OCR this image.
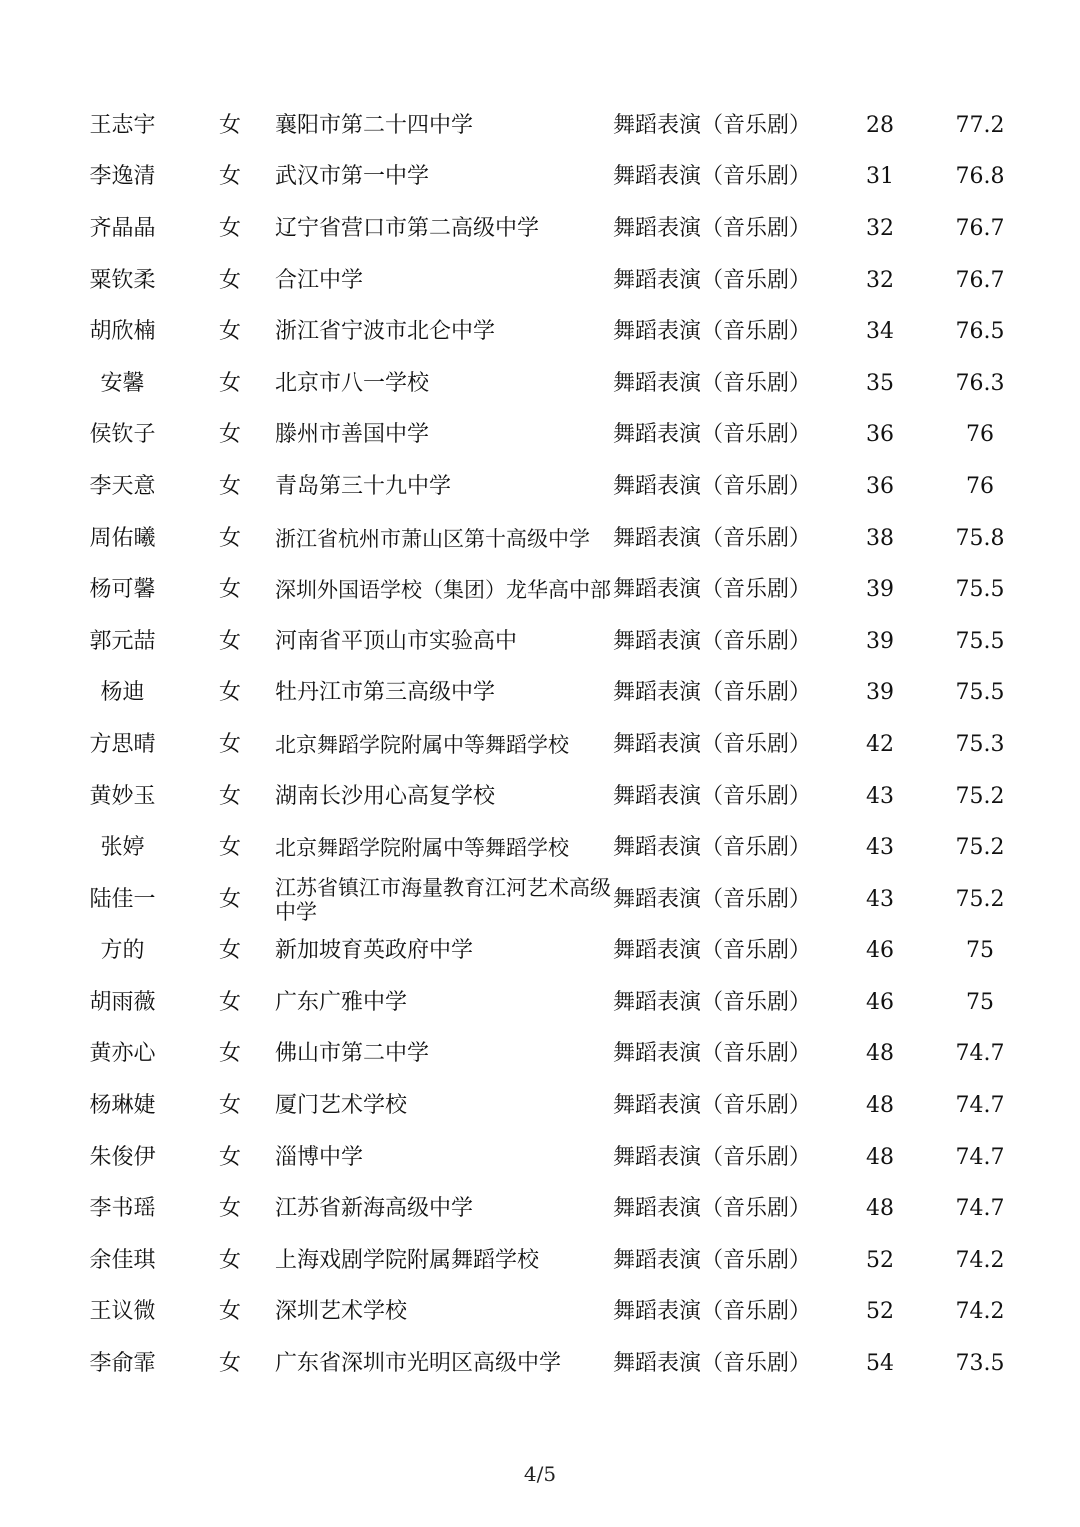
王志宇	女	襄阳市第二十四中学	舞蹈表演（音乐剧）	28	77.2
李逸清	女	武汉市第一中学	舞蹈表演（音乐剧）	31	76.8
齐晶晶	女	辽宁省营口市第二高级中学	舞蹈表演（音乐剧）	32	76.7
粟钦柔	女	合江中学	舞蹈表演（音乐剧）	32	76.7
胡欣楠	女	浙江省宁波市北仑中学	舞蹈表演（音乐剧）	34	76.5
安馨	女	北京市八一学校	舞蹈表演（音乐剧）	35	76.3
侯钦子	女	滕州市善国中学	舞蹈表演（音乐剧）	36	76
李天意	女	青岛第三十九中学	舞蹈表演（音乐剧）	36	76
周佑曦	女	浙江省杭州市萧山区第十高级中学	舞蹈表演（音乐剧）	38	75.8
杨可馨	女	深圳外国语学校（集团）龙华高中部	舞蹈表演（音乐剧）	39	75.5
郭元喆	女	河南省平顶山市实验高中	舞蹈表演（音乐剧）	39	75.5
杨迪	女	牡丹江市第三高级中学	舞蹈表演（音乐剧）	39	75.5
方思晴	女	北京舞蹈学院附属中等舞蹈学校	舞蹈表演（音乐剧）	42	75.3
黄妙玉	女	湖南长沙用心高复学校	舞蹈表演（音乐剧）	43	75.2
张婷	女	北京舞蹈学院附属中等舞蹈学校	舞蹈表演（音乐剧）	43	75.2
陆佳一	女	江苏省镇江市海量教育江河艺术高级中学	舞蹈表演（音乐剧）	43	75.2
方的	女	新加坡育英政府中学	舞蹈表演（音乐剧）	46	75
胡雨薇	女	广东广雅中学	舞蹈表演（音乐剧）	46	75
黄亦心	女	佛山市第二中学	舞蹈表演（音乐剧）	48	74.7
杨琳婕	女	厦门艺术学校	舞蹈表演（音乐剧）	48	74.7
朱俊伊	女	淄博中学	舞蹈表演（音乐剧）	48	74.7
李书瑶	女	江苏省新海高级中学	舞蹈表演（音乐剧）	48	74.7
余佳琪	女	上海戏剧学院附属舞蹈学校	舞蹈表演（音乐剧）	52	74.2
王议微	女	深圳艺术学校	舞蹈表演（音乐剧）	52	74.2
李俞霏	女	广东省深圳市光明区高级中学	舞蹈表演（音乐剧）	54	73.5
4/5
